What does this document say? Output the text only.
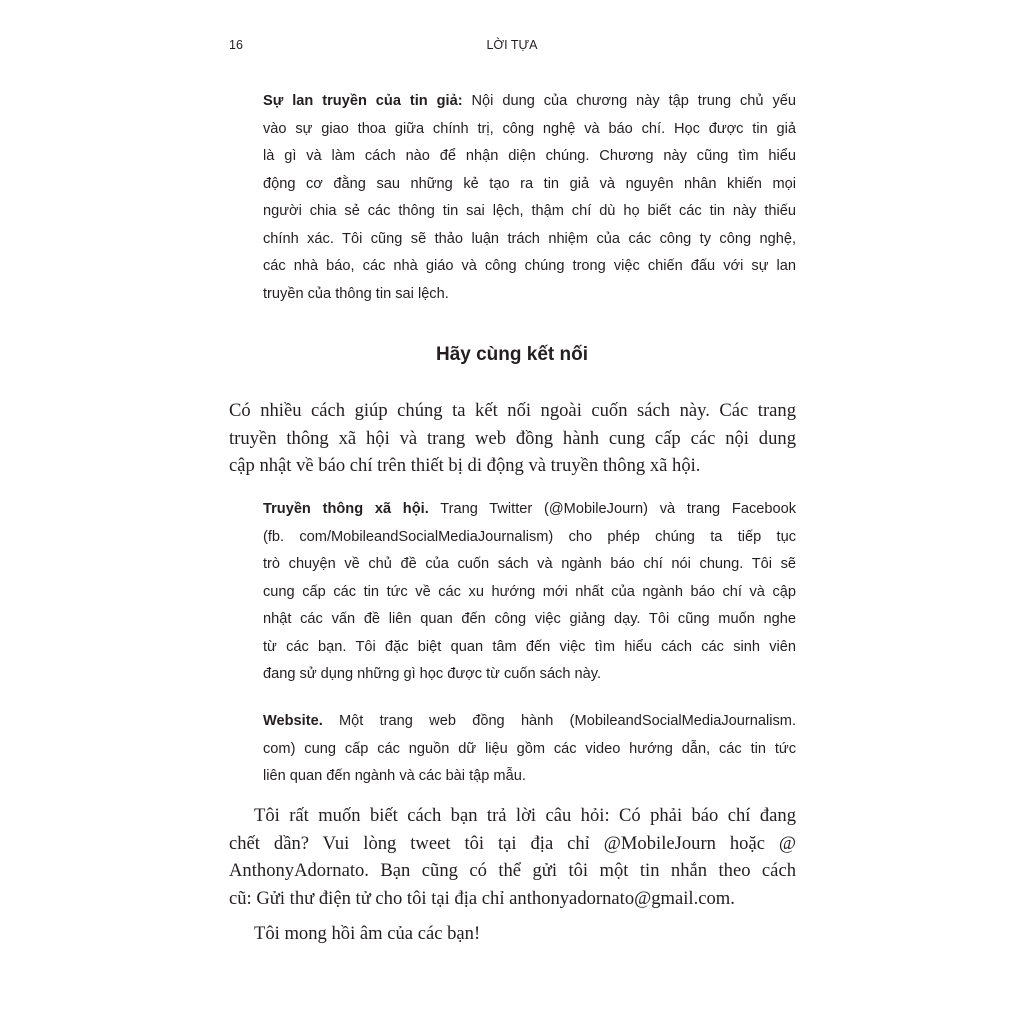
16	LỜI TỰA
Hãy cùng kết nối
Sự lan truyền của tin giả: Nội dung của chương này tập trung chủ yếu
vào sự giao thoa giữa chính trị, công nghệ và báo chí. Học được tin giả
là gì và làm cách nào để nhận diện chúng. Chương này cũng tìm hiểu
động cơ đằng sau những kẻ tạo ra tin giả và nguyên nhân khiến mọi
người chia sẻ các thông tin sai lệch, thậm chí dù họ biết các tin này thiếu
chính xác. Tôi cũng sẽ thảo luận trách nhiệm của các công ty công nghệ,
các nhà báo, các nhà giáo và công chúng trong việc chiến đấu với sự lan
truyền của thông tin sai lệch.
Có nhiều cách giúp chúng ta kết nối ngoài cuốn sách này. Các trang
truyền thông xã hội và trang web đồng hành cung cấp các nội dung
cập nhật về báo chí trên thiết bị di động và truyền thông xã hội.
Truyền thông xã hội. Trang Twitter (@MobileJourn) và trang Facebook
(fb. com/MobileandSocialMediaJournalism) cho phép chúng ta tiếp tục
trò chuyện về chủ đề của cuốn sách và ngành báo chí nói chung. Tôi sẽ
cung cấp các tin tức về các xu hướng mới nhất của ngành báo chí và cập
nhật các vấn đề liên quan đến công việc giảng dạy. Tôi cũng muốn nghe
từ các bạn. Tôi đặc biệt quan tâm đến việc tìm hiểu cách các sinh viên
đang sử dụng những gì học được từ cuốn sách này.
Website. Một trang web đồng hành (MobileandSocialMediaJournalism.
com) cung cấp các nguồn dữ liệu gồm các video hướng dẫn, các tin tức
liên quan đến ngành và các bài tập mẫu.
Tôi rất muốn biết cách bạn trả lời câu hỏi: Có phải báo chí đang
chết dần? Vui lòng tweet tôi tại địa chỉ @MobileJourn hoặc @
AnthonyAdornato. Bạn cũng có thể gửi tôi một tin nhắn theo cách
cũ: Gửi thư điện tử cho tôi tại địa chỉ anthonyadornato@gmail.com.
Tôi mong hồi âm của các bạn!
